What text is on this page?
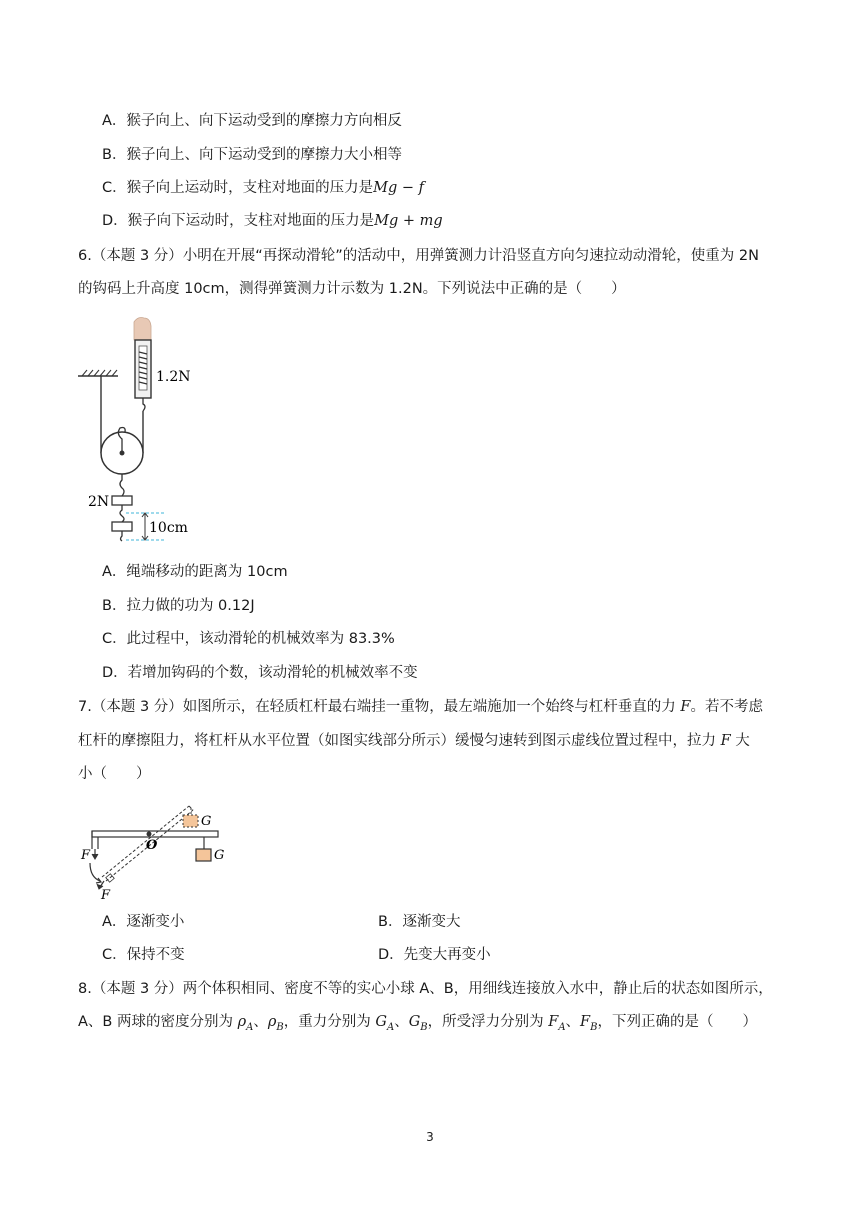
A．猴子向上、向下运动受到的摩擦力方向相反
B．猴子向上、向下运动受到的摩擦力大小相等
C．猴子向上运动时，支柱对地面的压力是Mg − f
D．猴子向下运动时，支柱对地面的压力是Mg + mg
6.（本题 3 分）小明在开展“再探动滑轮”的活动中，用弹簧测力计沿竖直方向匀速拉动动滑轮，使重为 2N
的钩码上升高度 10cm，测得弹簧测力计示数为 1.2N。下列说法中正确的是（　　）
1.2N
2N
10cm
A．绳端移动的距离为 10cm
B．拉力做的功为 0.12J
C．此过程中，该动滑轮的机械效率为 83.3%
D．若增加钩码的个数，该动滑轮的机械效率不变
7.（本题 3 分）如图所示，在轻质杠杆最右端挂一重物，最左端施加一个始终与杠杆垂直的力 F。若不考虑
杠杆的摩擦阻力，将杠杆从水平位置（如图实线部分所示）缓慢匀速转到图示虚线位置过程中，拉力 F 大
小（　　）
O
G
G
F
F
A．逐渐变小	B．逐渐变大
C．保持不变	D．先变大再变小
8.（本题 3 分）两个体积相同、密度不等的实心小球 A、B，用细线连接放入水中，静止后的状态如图所示，
A、B 两球的密度分别为 $\rho_A$、$\rho_B$，重力分别为 $G_A$、$G_B$，所受浮力分别为 $F_A$、$F_B$，下列正确的是（　　）
3
